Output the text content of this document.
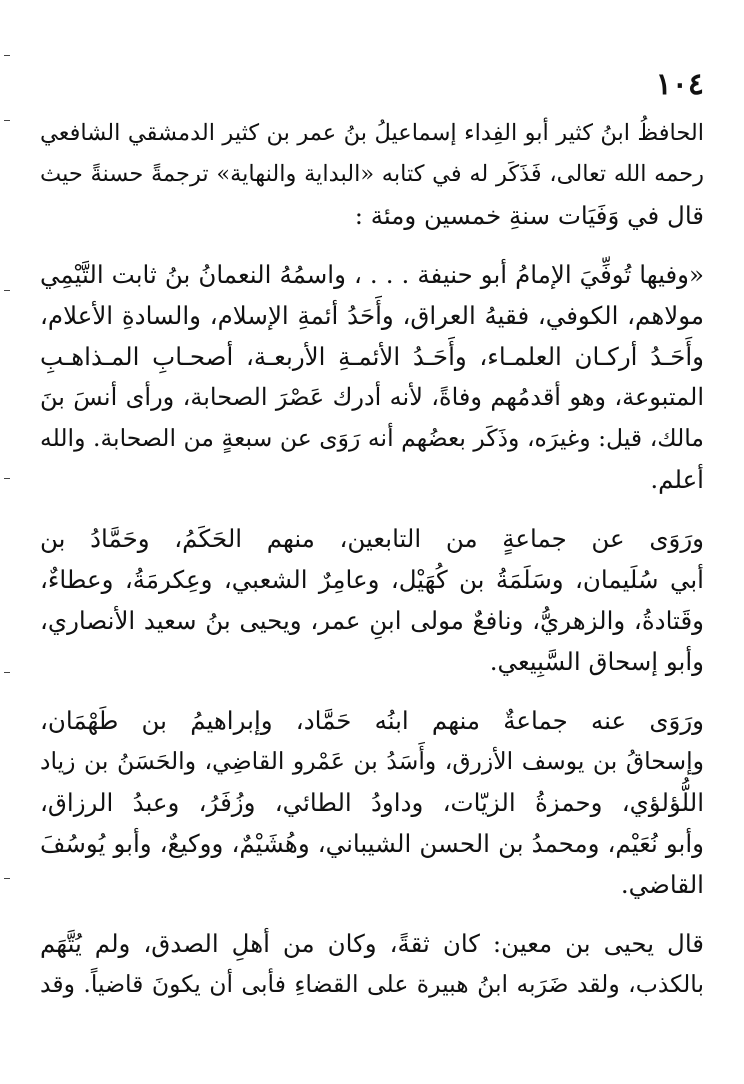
١٠٤

الحافظُ ابنُ كثير أبو الفِداء إسماعيلُ بنُ عمر بن كثير الدمشقي الشافعي
رحمه الله تعالى، فَذَكَر له في كتابه «البداية والنهاية» ترجمةً حسنةً حيث
قال في وَفَيَات سنةِ خمسين ومئة :

«وفيها تُوفِّيَ الإمامُ أبو حنيفة . . . ، واسمُهُ النعمانُ بنُ ثابت التَّيْمِي
مولاهم، الكوفي، فقيهُ العراق، وأَحَدُ أئمةِ الإسلام، والسادةِ الأعلام،
وأَحَـدُ أركـان العلمـاء، وأَحَـدُ الأئمـةِ الأربعـة، أصحـابِ المـذاهـبِ
المتبوعة، وهو أقدمُهم وفاةً، لأنه أدرك عَصْرَ الصحابة، ورأى أنسَ بنَ
مالك، قيل: وغيرَه، وذَكَر بعضُهم أنه رَوَى عن سبعةٍ من الصحابة. والله
أعلم.

ورَوَى عن جماعةٍ من التابعين، منهم الحَكَمُ، وحَمَّادُ بن
أبي سُلَيمان، وسَلَمَةُ بن كُهَيْل، وعامِرٌ الشعبي، وعِكرمَةُ، وعطاءٌ،
وقَتادةُ، والزهريُّ، ونافعٌ مولى ابنِ عمر، ويحيى بنُ سعيد الأنصاري،
وأبو إسحاق السَّبِيعي.

ورَوَى عنه جماعةٌ منهم ابنُه حَمَّاد، وإبراهيمُ بن طَهْمَان،
وإسحاقُ بن يوسف الأزرق، وأَسَدُ بن عَمْرو القاضِي، والحَسَنُ بن زياد
اللُّؤلؤي، وحمزةُ الزيّات، وداودُ الطائي، وزُفَرُ، وعبدُ الرزاق،
وأبو نُعَيْم، ومحمدُ بن الحسن الشيباني، وهُشَيْمٌ، ووكيعٌ، وأبو يُوسُفَ
القاضي.

قال يحيى بن معين: كان ثقةً، وكان من أهلِ الصدق، ولم يُتَّهَم
بالكذب، ولقد ضَرَبه ابنُ هبيرة على القضاءِ فأبى أن يكونَ قاضياً. وقد
